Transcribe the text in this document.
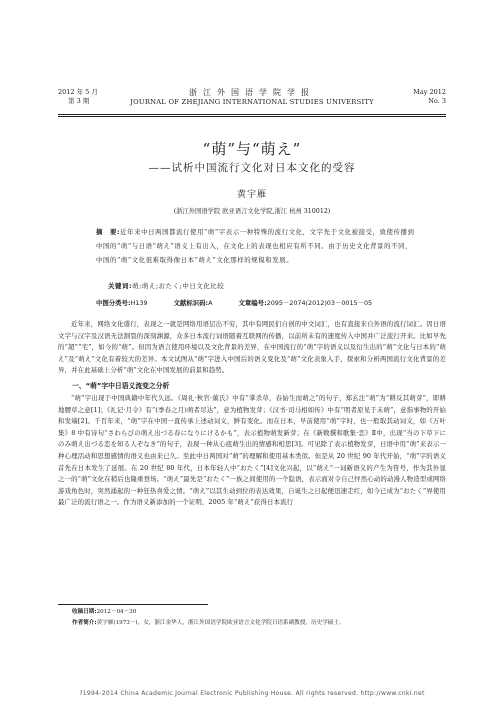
2012 年 5 月
第 3 期
浙江外国语学院学报
JOURNAL OF ZHEJIANG INTERNATIONAL STUDIES UNIVERSITY
May 2012
No. 3
“萌”与“萌え”
——试析中国流行文化对日本文化的受容
黄宇雁
(浙江外国语学院 欧亚语言文化学院,浙江 杭州 310012)
摘　要:近年来中日两国都流行使用“萌”字表示一种特殊的流行文化，文字先于文化被接受，致使传播到中国的“萌”与日语“萌え”语义上有出入，在文化上的表现也相应有所不同。由于历史文化背景的不同，中国的“萌”文化很难取得像日本“萌え”文化那样的规模和发展。
关键词:萌;萌え;おたく;中日文化比较
中图分类号:H139	文献标识码:A	文章编号:2095－2074(2012)03－0015－05
近年来，网络文化盛行，表现之一就是网络用语层出不穷，其中有网民们自创的中文词汇，也有直接来自外语的流行词汇。因日语文字与汉字及汉语无法割裂的深刻渊源，众多日本流行词语随着互联网的传播，以前所未有的速度传入中国并广泛流行开来。比如早先的“超”“宅”，如今的“萌”。但因为语言使用环境以及文化背景的差异，在中国流行的“萌”字的语义以及衍生出的“萌”文化与日本的“萌え”及“萌え”文化有着较大的差异。本文试图从“萌”字进入中国后的语义变化及“萌”文化表象入手，探索和分析两国流行文化背景的差异，并在此基础上分析“萌”文化在中国发展的前景和趋势。
一、“萌”字中日语义流变之分析
“萌”字出现于中国典籍中年代久远。《周礼·秋官·薙氏》中有“掌杀草，春始生而萌之”的句子，郑玄注“萌”为“耕反其萌芽”，即耕地腰草之意[1]；《礼记·月令》有“(季春之月)萌者尽达”，意为植物发芽；《汉书·司马相如传》中有“明者原见于未萌”，意指事物的开始和发端[2]。千百年来，“萌”字在中国一直传承上述动词义，鲜有变化。而在日本，早前使用“萌”字时，也一般取其动词义，如《万叶集》8 中有诗句“さわらびの萌え出づる春になりにけるかも”，表示植物萌发新芽；在《新敕撰和歌集·恋》Ⅱ中，出现“当の下草下にのみ萌え出づる恋を知る人ぞなき”的句子，表现一种从心底萌生出的情感和相思[3]。可见除了表示植物发芽，日语中用“萌”来表示一种心理活动和思想感情的语义也由来已久。至此中日两国对“萌”的理解和使用基本类似。但是从 20 世纪 90 年代开始，“萌”字的语义首先在日本发生了延展。在 20 世纪 80 年代，日本年轻人中“おたく”[4]文化兴起，以“萌え”一词新语义的产生为符号，作为其外显之一的“萌”文化在稍后也隆重登场。“萌え”最先是“おたく”一族之间使用的一个隐语，表示面对令自己怦然心动的动漫人物造型或网络游戏角色时，突然涌起的一种狂热喜爱之情。“萌え”以其生动到位的表达效果，自诞生之日起便迅速走红，如今已成为“おたく”界使用最广泛的流行语之一。作为语义新添加的一个证明，2005 年“萌え”获得日本流行
收稿日期:2012－04－30
作者简介:黄宇雁(1973－)，女，浙江金华人，浙江外国语学院欧亚语言文化学院日语系副教授，历史学硕士。
?1994-2014 China Academic Journal Electronic Publishing House. All rights reserved. http://www.cnki.net
